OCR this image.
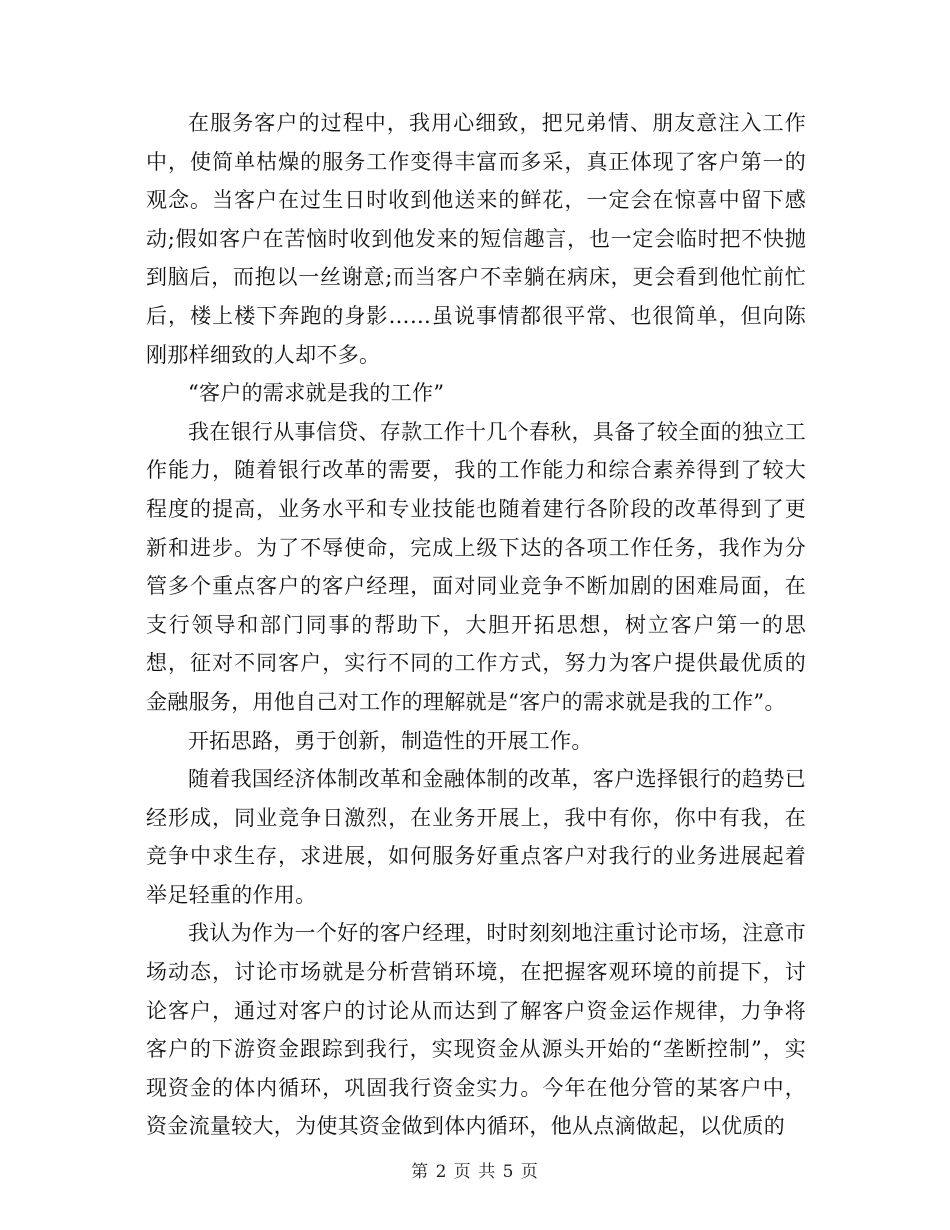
在服务客户的过程中，我用心细致，把兄弟情、朋友意注入工作中，使简单枯燥的服务工作变得丰富而多采，真正体现了客户第一的观念。当客户在过生日时收到他送来的鲜花，一定会在惊喜中留下感动;假如客户在苦恼时收到他发来的短信趣言，也一定会临时把不快抛到脑后，而抱以一丝谢意;而当客户不幸躺在病床，更会看到他忙前忙后，楼上楼下奔跑的身影……虽说事情都很平常、也很简单，但向陈刚那样细致的人却不多。

“客户的需求就是我的工作”

我在银行从事信贷、存款工作十几个春秋，具备了较全面的独立工作能力，随着银行改革的需要，我的工作能力和综合素养得到了较大程度的提高，业务水平和专业技能也随着建行各阶段的改革得到了更新和进步。为了不辱使命，完成上级下达的各项工作任务，我作为分管多个重点客户的客户经理，面对同业竞争不断加剧的困难局面，在支行领导和部门同事的帮助下，大胆开拓思想，树立客户第一的思想，征对不同客户，实行不同的工作方式，努力为客户提供最优质的金融服务，用他自己对工作的理解就是“客户的需求就是我的工作”。

开拓思路，勇于创新，制造性的开展工作。

随着我国经济体制改革和金融体制的改革，客户选择银行的趋势已经形成，同业竞争日激烈，在业务开展上，我中有你，你中有我，在竞争中求生存，求进展，如何服务好重点客户对我行的业务进展起着举足轻重的作用。

我认为作为一个好的客户经理，时时刻刻地注重讨论市场，注意市场动态，讨论市场就是分析营销环境，在把握客观环境的前提下，讨论客户，通过对客户的讨论从而达到了解客户资金运作规律，力争将客户的下游资金跟踪到我行，实现资金从源头开始的“垄断控制”，实现资金的体内循环，巩固我行资金实力。今年在他分管的某客户中，资金流量较大，为使其资金做到体内循环，他从点滴做起，以优质的

第 2 页 共 5 页
